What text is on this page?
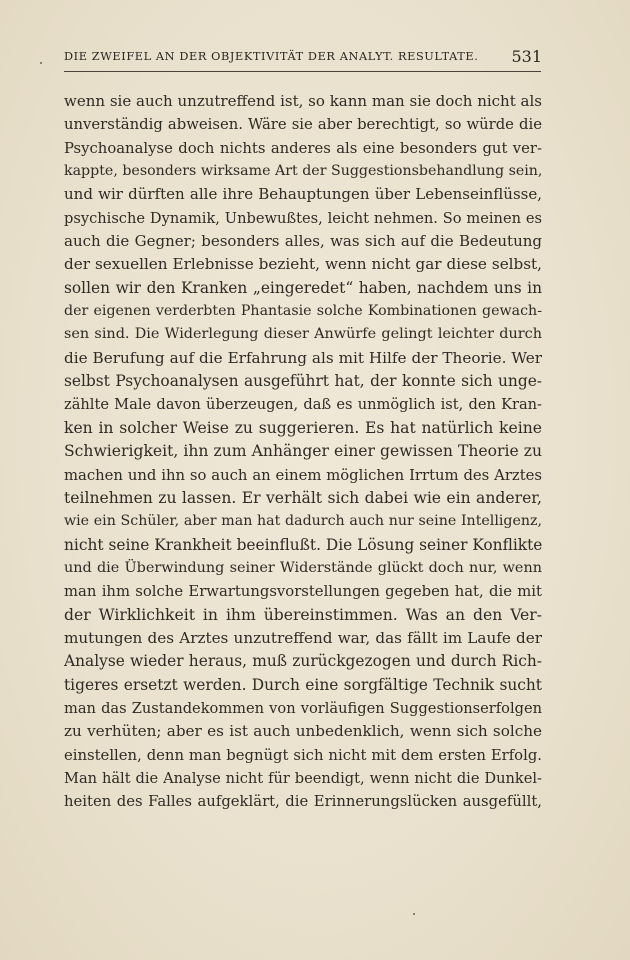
DIE ZWEIFEL AN DER OBJEKTIVITÄT DER ANALYT. RESULTATE. 531
wenn sie auch unzutreffend ist, so kann man sie doch nicht als
unverständig abweisen. Wäre sie aber berechtigt, so würde die
Psychoanalyse doch nichts anderes als eine besonders gut ver-
kappte, besonders wirksame Art der Suggestionsbehandlung sein,
und wir dürften alle ihre Behauptungen über Lebenseinflüsse,
psychische Dynamik, Unbewußtes, leicht nehmen. So meinen es
auch die Gegner; besonders alles, was sich auf die Bedeutung
der sexuellen Erlebnisse bezieht, wenn nicht gar diese selbst,
sollen wir den Kranken „eingeredet“ haben, nachdem uns in
der eigenen verderbten Phantasie solche Kombinationen gewach-
sen sind. Die Widerlegung dieser Anwürfe gelingt leichter durch
die Berufung auf die Erfahrung als mit Hilfe der Theorie. Wer
selbst Psychoanalysen ausgeführt hat, der konnte sich unge-
zählte Male davon überzeugen, daß es unmöglich ist, den Kran-
ken in solcher Weise zu suggerieren. Es hat natürlich keine
Schwierigkeit, ihn zum Anhänger einer gewissen Theorie zu
machen und ihn so auch an einem möglichen Irrtum des Arztes
teilnehmen zu lassen. Er verhält sich dabei wie ein anderer,
wie ein Schüler, aber man hat dadurch auch nur seine Intelligenz,
nicht seine Krankheit beeinflußt. Die Lösung seiner Konflikte
und die Überwindung seiner Widerstände glückt doch nur, wenn
man ihm solche Erwartungsvorstellungen gegeben hat, die mit
der Wirklichkeit in ihm übereinstimmen. Was an den Ver-
mutungen des Arztes unzutreffend war, das fällt im Laufe der
Analyse wieder heraus, muß zurückgezogen und durch Rich-
tigeres ersetzt werden. Durch eine sorgfältige Technik sucht
man das Zustandekommen von vorläufigen Suggestionserfolgen
zu verhüten; aber es ist auch unbedenklich, wenn sich solche
einstellen, denn man begnügt sich nicht mit dem ersten Erfolg.
Man hält die Analyse nicht für beendigt, wenn nicht die Dunkel-
heiten des Falles aufgeklärt, die Erinnerungslücken ausgefüllt,
